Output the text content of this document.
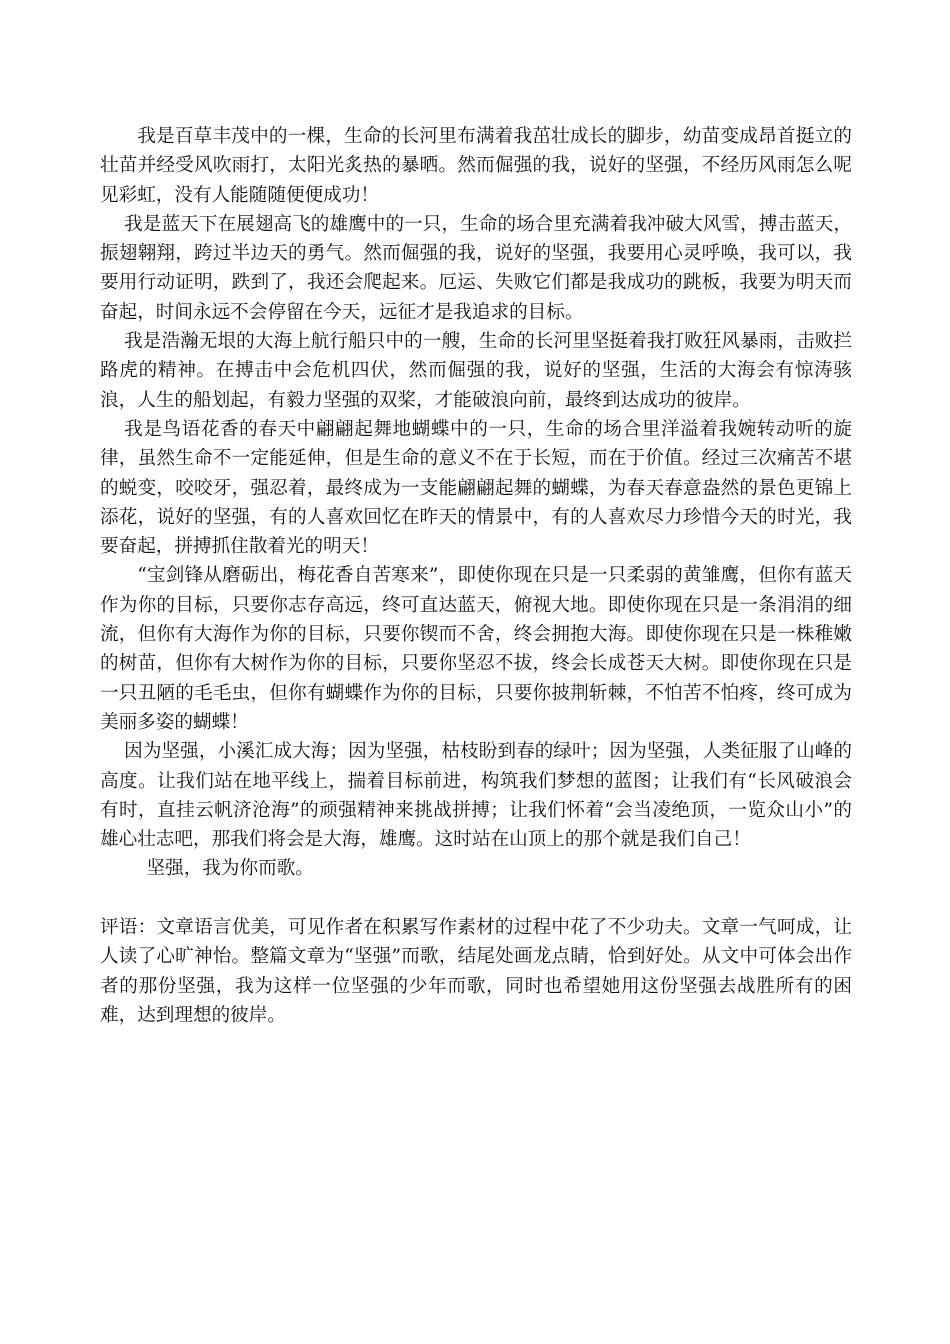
我是百草丰茂中的一棵，生命的长河里布满着我茁壮成长的脚步，幼苗变成昂首挺立的壮苗并经受风吹雨打，太阳光炙热的暴晒。然而倔强的我，说好的坚强，不经历风雨怎么呢见彩虹，没有人能随随便便成功！

我是蓝天下在展翅高飞的雄鹰中的一只，生命的场合里充满着我冲破大风雪，搏击蓝天，振翅翱翔，跨过半边天的勇气。然而倔强的我，说好的坚强，我要用心灵呼唤，我可以，我要用行动证明，跌到了，我还会爬起来。厄运、失败它们都是我成功的跳板，我要为明天而奋起，时间永远不会停留在今天，远征才是我追求的目标。

我是浩瀚无垠的大海上航行船只中的一艘，生命的长河里坚挺着我打败狂风暴雨，击败拦路虎的精神。在搏击中会危机四伏，然而倔强的我，说好的坚强，生活的大海会有惊涛骇浪，人生的船划起，有毅力坚强的双桨，才能破浪向前，最终到达成功的彼岸。

我是鸟语花香的春天中翩翩起舞地蝴蝶中的一只，生命的场合里洋溢着我婉转动听的旋律，虽然生命不一定能延伸，但是生命的意义不在于长短，而在于价值。经过三次痛苦不堪的蜕变，咬咬牙，强忍着，最终成为一支能翩翩起舞的蝴蝶，为春天春意盎然的景色更锦上添花，说好的坚强，有的人喜欢回忆在昨天的情景中，有的人喜欢尽力珍惜今天的时光，我要奋起，拼搏抓住散着光的明天！

“宝剑锋从磨砺出，梅花香自苦寒来”，即使你现在只是一只柔弱的黄雏鹰，但你有蓝天作为你的目标，只要你志存高远，终可直达蓝天，俯视大地。即使你现在只是一条涓涓的细流，但你有大海作为你的目标，只要你锲而不舍，终会拥抱大海。即使你现在只是一株稚嫩的树苗，但你有大树作为你的目标，只要你坚忍不拔，终会长成苍天大树。即使你现在只是一只丑陋的毛毛虫，但你有蝴蝶作为你的目标，只要你披荆斩棘，不怕苦不怕疼，终可成为美丽多姿的蝴蝶！

因为坚强，小溪汇成大海；因为坚强，枯枝盼到春的绿叶；因为坚强，人类征服了山峰的高度。让我们站在地平线上，揣着目标前进，构筑我们梦想的蓝图；让我们有“长风破浪会有时，直挂云帆济沧海”的顽强精神来挑战拼搏；让我们怀着“会当凌绝顶，一览众山小”的雄心壮志吧，那我们将会是大海，雄鹰。这时站在山顶上的那个就是我们自己！

坚强，我为你而歌。

评语：文章语言优美，可见作者在积累写作素材的过程中花了不少功夫。文章一气呵成，让人读了心旷神怡。整篇文章为“坚强”而歌，结尾处画龙点睛，恰到好处。从文中可体会出作者的那份坚强，我为这样一位坚强的少年而歌，同时也希望她用这份坚强去战胜所有的困难，达到理想的彼岸。
